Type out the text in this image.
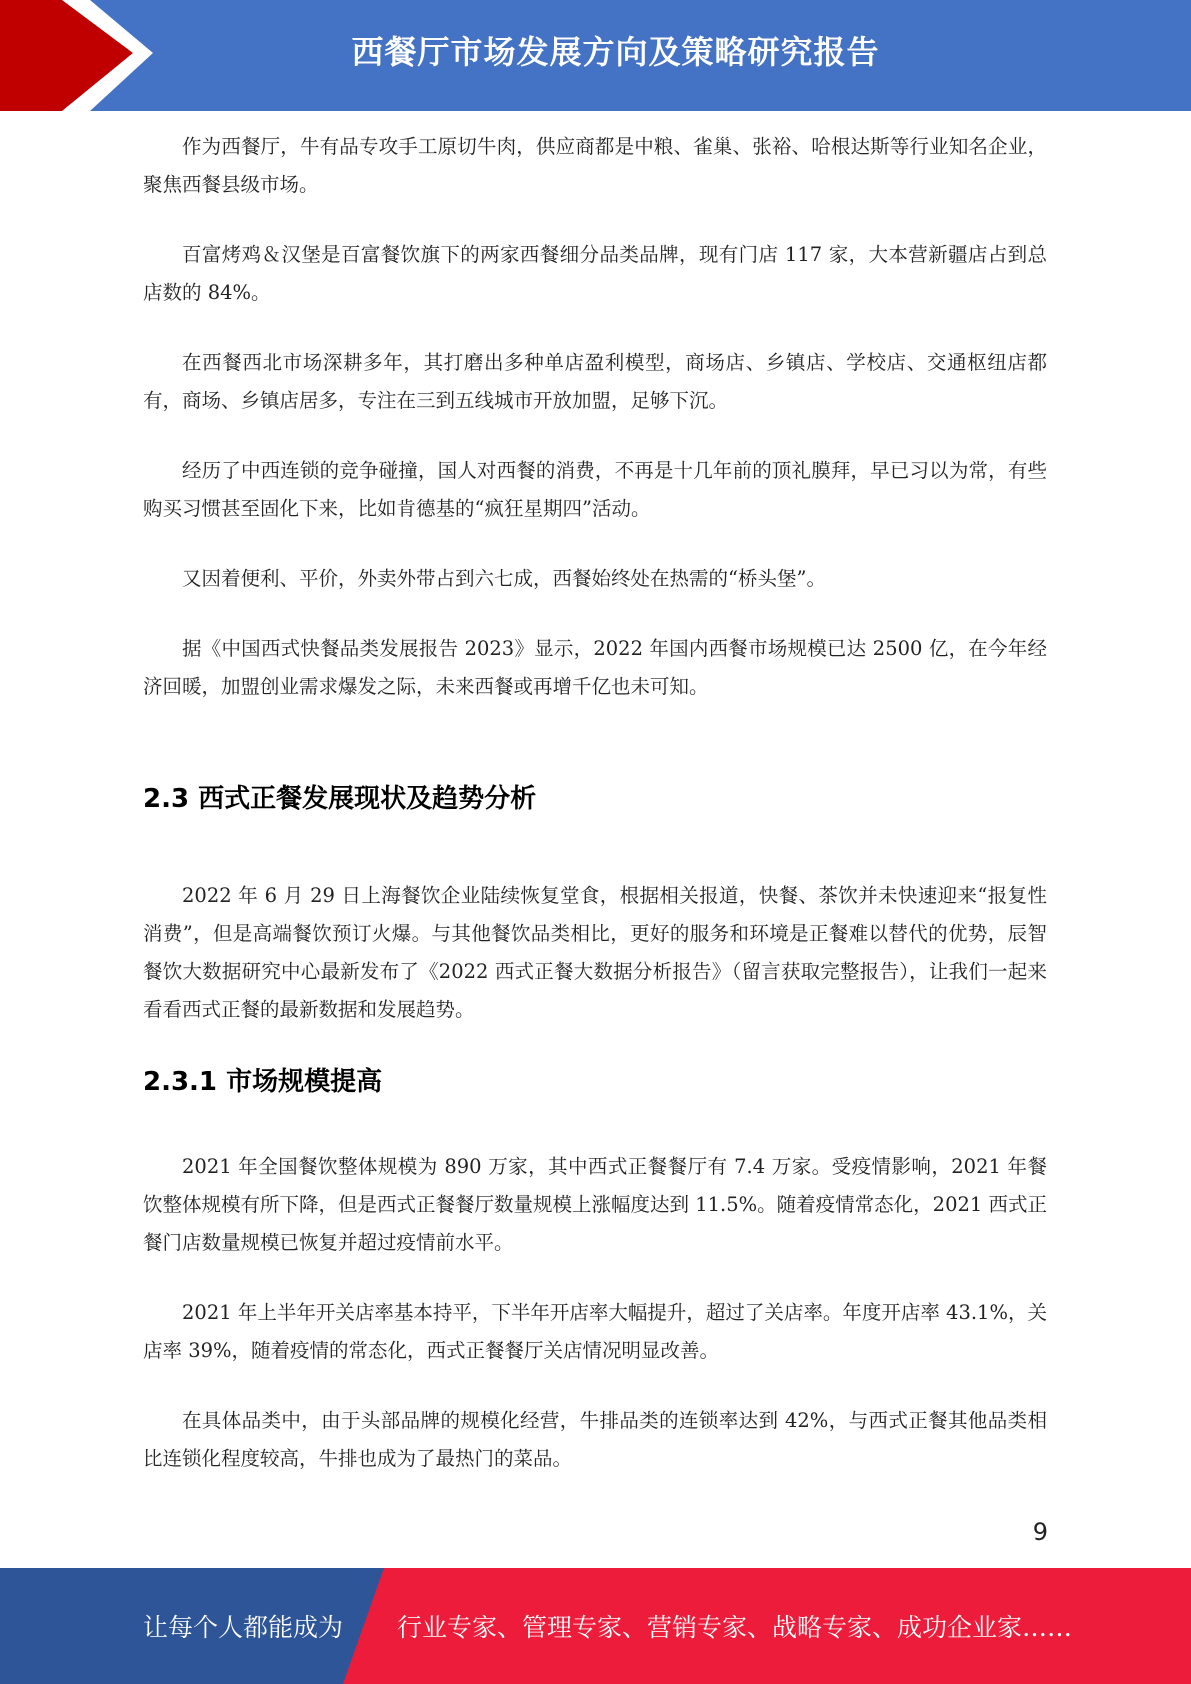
西餐厅市场发展方向及策略研究报告

作为西餐厅，牛有品专攻手工原切牛肉，供应商都是中粮、雀巢、张裕、哈根达斯等行业知名企业，聚焦西餐县级市场。

百富烤鸡＆汉堡是百富餐饮旗下的两家西餐细分品类品牌，现有门店 117 家，大本营新疆店占到总店数的 84%。

在西餐西北市场深耕多年，其打磨出多种单店盈利模型，商场店、乡镇店、学校店、交通枢纽店都有，商场、乡镇店居多，专注在三到五线城市开放加盟，足够下沉。

经历了中西连锁的竞争碰撞，国人对西餐的消费，不再是十几年前的顶礼膜拜，早已习以为常，有些购买习惯甚至固化下来，比如肯德基的“疯狂星期四”活动。

又因着便利、平价，外卖外带占到六七成，西餐始终处在热需的“桥头堡”。

据《中国西式快餐品类发展报告 2023》显示，2022 年国内西餐市场规模已达 2500 亿，在今年经济回暖，加盟创业需求爆发之际，未来西餐或再增千亿也未可知。

2.3 西式正餐发展现状及趋势分析

2022 年 6 月 29 日上海餐饮企业陆续恢复堂食，根据相关报道，快餐、茶饮并未快速迎来“报复性消费”，但是高端餐饮预订火爆。与其他餐饮品类相比，更好的服务和环境是正餐难以替代的优势，辰智餐饮大数据研究中心最新发布了《2022 西式正餐大数据分析报告》（留言获取完整报告），让我们一起来看看西式正餐的最新数据和发展趋势。

2.3.1 市场规模提高

2021 年全国餐饮整体规模为 890 万家，其中西式正餐餐厅有 7.4 万家。受疫情影响，2021 年餐饮整体规模有所下降，但是西式正餐餐厅数量规模上涨幅度达到 11.5%。随着疫情常态化，2021 西式正餐门店数量规模已恢复并超过疫情前水平。

2021 年上半年开关店率基本持平，下半年开店率大幅提升，超过了关店率。年度开店率 43.1%，关店率 39%，随着疫情的常态化，西式正餐餐厅关店情况明显改善。

在具体品类中，由于头部品牌的规模化经营，牛排品类的连锁率达到 42%，与西式正餐其他品类相比连锁化程度较高，牛排也成为了最热门的菜品。

9
让每个人都能成为 行业专家、管理专家、营销专家、战略专家、成功企业家……
